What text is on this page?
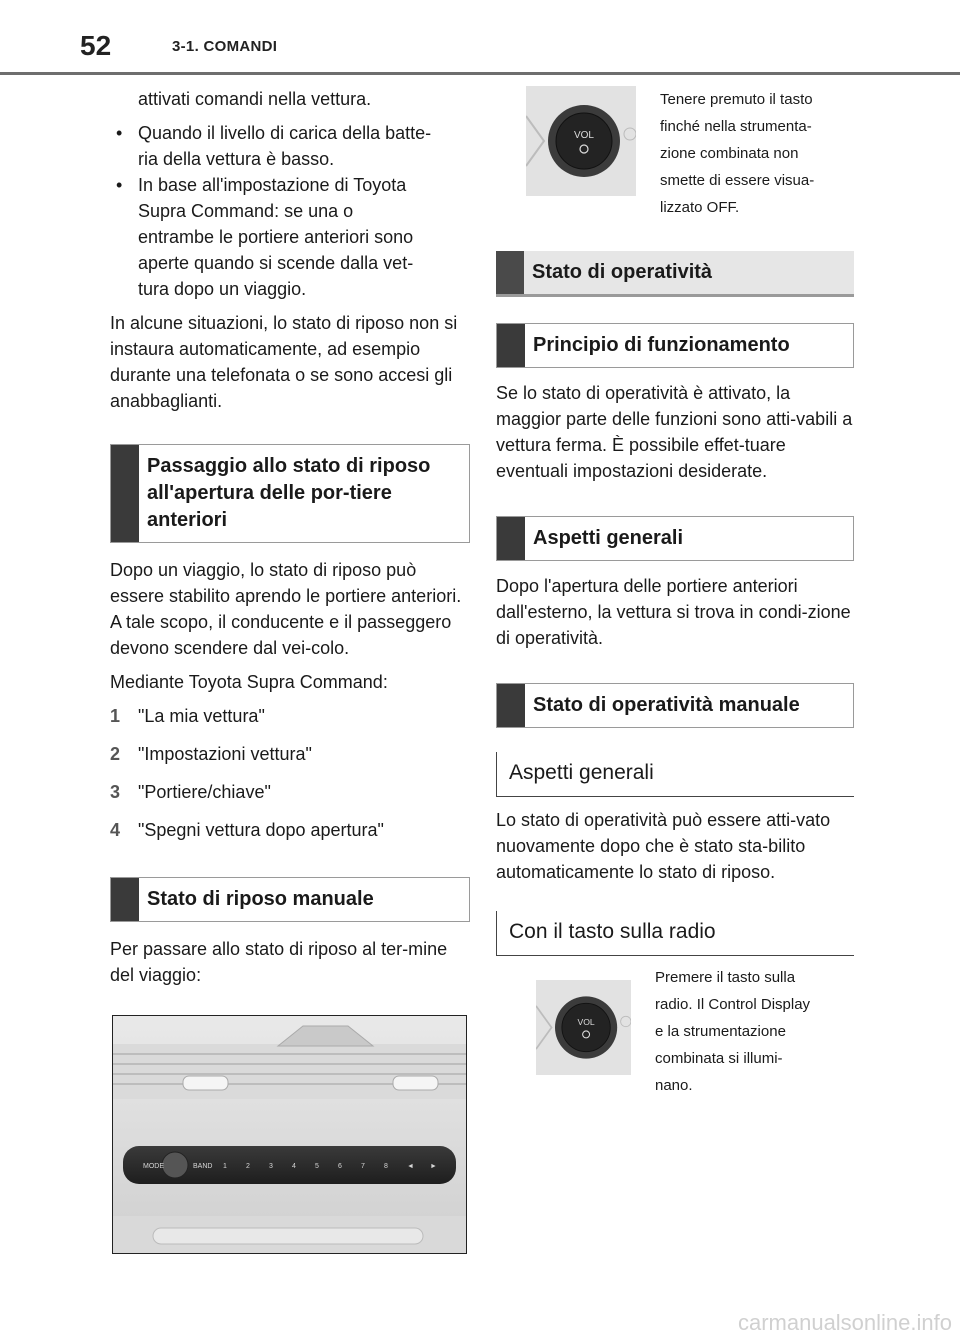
52	3-1. COMANDI

attivati comandi nella vettura.

• Quando il livello di carica della batte-
ria della vettura è basso.
• In base all'impostazione di Toyota
Supra Command: se una o
entrambe le portiere anteriori sono
aperte quando si scende dalla vet-
tura dopo un viaggio.

In alcune situazioni, lo stato di riposo non si instaura automaticamente, ad esempio durante una telefonata o se sono accesi gli anabbaglianti.

Passaggio allo stato di riposo all'apertura delle por-tiere anteriori

Dopo un viaggio, lo stato di riposo può essere stabilito aprendo le portiere anteriori. A tale scopo, il conducente e il passeggero devono scendere dal vei-colo.

Mediante Toyota Supra Command:

1 "La mia vettura"
2 "Impostazioni vettura"
3 "Portiere/chiave"
4 "Spegni vettura dopo apertura"
Stato di riposo manuale

Per passare allo stato di riposo al ter-mine del viaggio:

MODE	BAND 1	2	3	4	5	6	7	8	◄ ►
VOL
Tenere premuto il tasto
finché nella strumenta-
zione combinata non
smette di essere visua-
lizzato OFF.
Stato di operatività
Principio di funzionamento

Se lo stato di operatività è attivato, la maggior parte delle funzioni sono atti-vabili a vettura ferma. È possibile effet-tuare eventuali impostazioni desiderate.

Aspetti generali

Dopo l'apertura delle portiere anteriori dall'esterno, la vettura si trova in condi-zione di operatività.

Stato di operatività manuale
Aspetti generali

Lo stato di operatività può essere atti-vato nuovamente dopo che è stato sta-bilito automaticamente lo stato di riposo.

Con il tasto sulla radio
VOL
Premere il tasto sulla
radio. Il Control Display
e la strumentazione
combinata si illumi-
nano.
carmanualsonline.info
